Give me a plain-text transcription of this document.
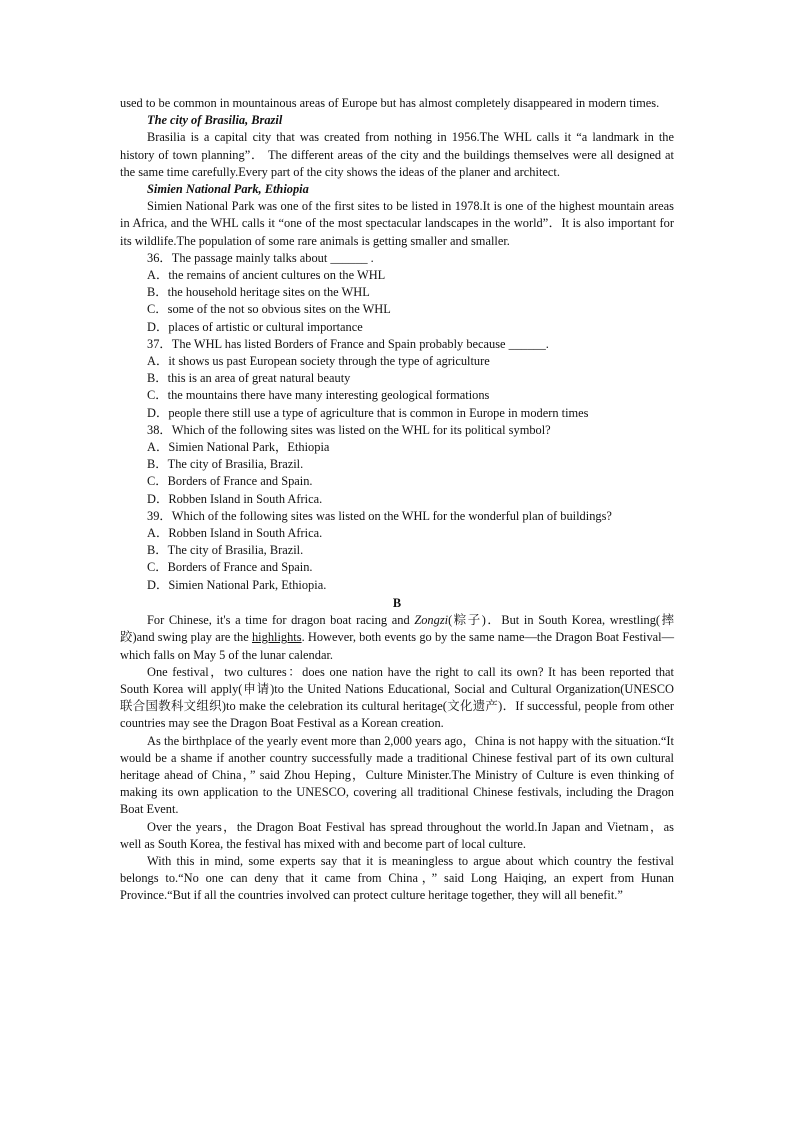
used to be common in mountainous areas of Europe but has almost completely disappeared in modern times.

The city of Brasilia, Brazil

Brasilia is a capital city that was created from nothing in 1956.The WHL calls it “a landmark in the history of town planning”． The different areas of the city and the buildings themselves were all designed at the same time carefully.Every part of the city shows the ideas of the planer and architect.

Simien National Park, Ethiopia

Simien National Park was one of the first sites to be listed in 1978.It is one of the highest mountain areas in Africa, and the WHL calls it “one of the most spectacular landscapes in the world”．It is also important for its wildlife.The population of some rare animals is getting smaller and smaller.

36．The passage mainly talks about ______ .

A．the remains of ancient cultures on the WHL

B．the household heritage sites on the WHL

C．some of the not so obvious sites on the WHL

D．places of artistic or cultural importance

37．The WHL has listed Borders of France and Spain probably because ______.

A．it shows us past European society through the type of agriculture

B．this is an area of great natural beauty

C．the mountains there have many interesting geological formations

D．people there still use a type of agriculture that is common in Europe in modern times

38．Which of the following sites was listed on the WHL for its political symbol?

A．Simien National Park，Ethiopia

B．The city of Brasilia, Brazil.

C．Borders of France and Spain.

D．Robben Island in South Africa.

39．Which of the following sites was listed on the WHL for the wonderful plan of buildings?

A．Robben Island in South Africa.

B．The city of Brasilia, Brazil.

C．Borders of France and Spain.

D．Simien National Park, Ethiopia.

B

For Chinese, it's a time for dragon boat racing and Zongzi(粽子)．But in South Korea, wrestling(摔跤)and swing play are the highlights. However, both events go by the same name—the Dragon Boat Festival—which falls on May 5 of the lunar calendar.

One festival，two cultures：does one nation have the right to call its own? It has been reported that South Korea will apply(申请)to the United Nations Educational, Social and Cultural Organization(UNESCO 联合国教科文组织)to make the celebration its cultural heritage(文化遗产)．If successful, people from other countries may see the Dragon Boat Festival as a Korean creation.

As the birthplace of the yearly event more than 2,000 years ago，China is not happy with the situation.“It would be a shame if another country successfully made a traditional Chinese festival part of its own cultural heritage ahead of China，” said Zhou Heping，Culture Minister.The Ministry of Culture is even thinking of making its own application to the UNESCO, covering all traditional Chinese festivals, including the Dragon Boat Event.

Over the years，the Dragon Boat Festival has spread throughout the world.In Japan and Vietnam，as well as South Korea, the festival has mixed with and become part of local culture.

With this in mind, some experts say that it is meaningless to argue about which country the festival belongs to.“No one can deny that it came from China，” said Long Haiqing, an expert from Hunan Province.“But if all the countries involved can protect culture heritage together, they will all benefit.”
